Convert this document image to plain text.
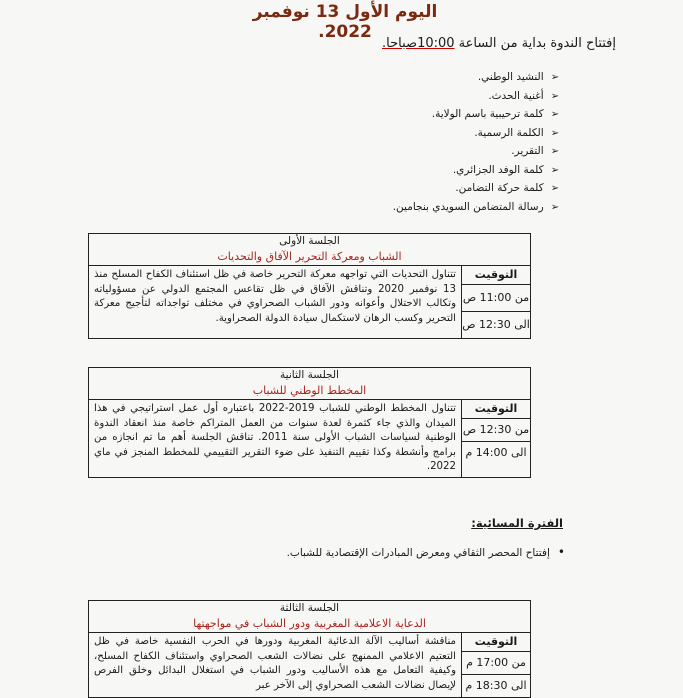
اليوم الأول 13 نوفمبر 2022.
إفتتاح الندوة بداية من الساعة 10:00صباحا.
➢ النشيد الوطني.
➢ أغنية الحدث.
➢ كلمة ترحيبية باسم الولاية.
➢ الكلمة الرسمية.
➢ التقرير.
➢ كلمة الوفد الجزائري.
➢ كلمة حركة التضامن.
➢ رسالة المتضامن السويدي بنجامين.
الجلسة الأولى
الشباب ومعركة التحرير الآفاق والتحديات
التوقيت
من 11:00 ص
الى 12:30 ص
تتناول التحديات التي تواجهه معركة التحرير خاصة في ظل استئناف الكفاح المسلح منذ 13 نوفمبر 2020 وتناقش الآفاق في ظل تقاعس المجتمع الدولي عن مسؤولياته وتكالب الاحتلال وأعوانه ودور الشباب الصحراوي في مختلف تواجداته لتأجيج معركة التحرير وكسب الرهان لاستكمال سيادة الدولة الصحراوية.
الجلسة الثانية
المخطط الوطني للشباب
التوقيت
من 12:30 ص
الى 14:00 م
تتناول المخطط الوطني للشباب 2019-2022 باعتباره أول عمل استراتيجي في هذا الميدان والذي جاء كثمرة لعدة سنوات من العمل المتراكم خاصة منذ انعقاد الندوة الوطنية لسياسات الشباب الأولى سنة 2011. تناقش الجلسة أهم ما تم انجازه من برامج وأنشطة وكذا تقييم التنفيذ على ضوء التقرير التقييمي للمخطط المنجز في ماي 2022.
الفترة المسائية:
•إفتتاح المحصر الثقافي ومعرض المبادرات الإقتصادية للشباب.
الجلسة الثالثة
الدعاية الاعلامية المغربية ودور الشباب في مواجهتها
التوقيت
من 17:00 م
الى 18:30 م
مناقشة أساليب الآلة الدعائية المغربية ودورها في الحرب النفسية خاصة في ظل التعتيم الاعلامي الممنهج على نضالات الشعب الصحراوي واستئناف الكفاح المسلح، وكيفية التعامل مع هذه الأساليب ودور الشباب في استغلال البدائل وخلق الفرص لإيصال نضالات الشعب الصحراوي إلى الآخر عبر
